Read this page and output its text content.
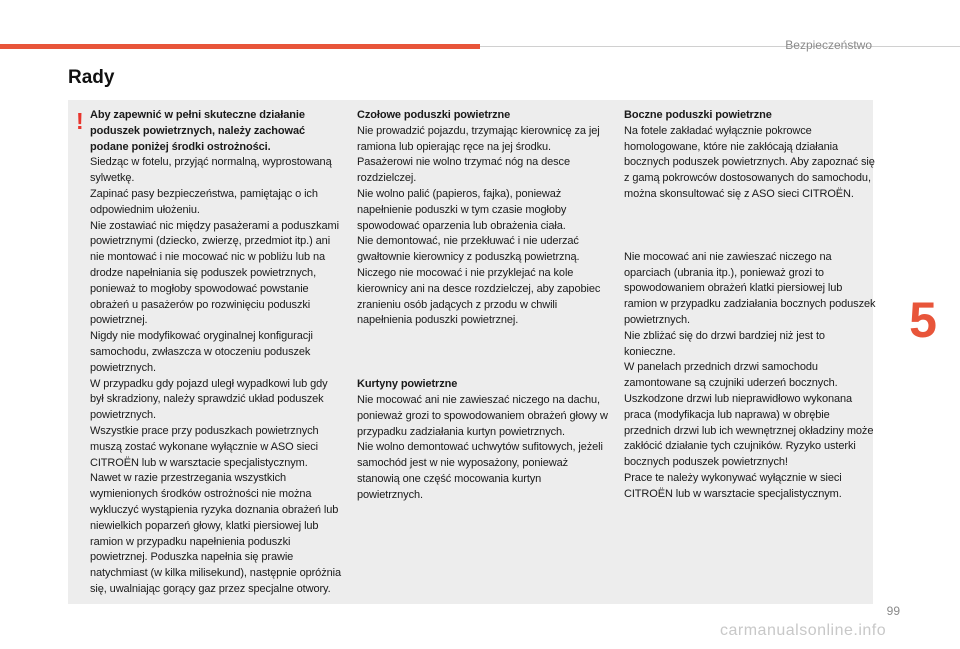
Bezpieczeństwo
Rady
! Aby zapewnić w pełni skuteczne działanie poduszek powietrznych, należy zachować podane poniżej środki ostrożności.

Siedząc w fotelu, przyjąć normalną, wyprostowaną sylwetkę.

Zapinać pasy bezpieczeństwa, pamiętając o ich odpowiednim ułożeniu.

Nie zostawiać nic między pasażerami a poduszkami powietrznymi (dziecko, zwierzę, przedmiot itp.) ani nie montować i nie mocować nic w pobliżu lub na drodze napełniania się poduszek powietrznych, ponieważ to mogłoby spowodować powstanie obrażeń u pasażerów po rozwinięciu poduszki powietrznej.

Nigdy nie modyfikować oryginalnej konfiguracji samochodu, zwłaszcza w otoczeniu poduszek powietrznych.

W przypadku gdy pojazd uległ wypadkowi lub gdy był skradziony, należy sprawdzić układ poduszek powietrznych.

Wszystkie prace przy poduszkach powietrznych muszą zostać wykonane wyłącznie w ASO sieci CITROËN lub w warsztacie specjalistycznym.

Nawet w razie przestrzegania wszystkich wymienionych środków ostrożności nie można wykluczyć wystąpienia ryzyka doznania obrażeń lub niewielkich poparzeń głowy, klatki piersiowej lub ramion w przypadku napełnienia poduszki powietrznej. Poduszka napełnia się prawie natychmiast (w kilka milisekund), następnie opróżnia się, uwalniając gorący gaz przez specjalne otwory.

Czołowe poduszki powietrzne

Nie prowadzić pojazdu, trzymając kierownicę za jej ramiona lub opierając ręce na jej środku.

Pasażerowi nie wolno trzymać nóg na desce rozdzielczej.

Nie wolno palić (papieros, fajka), ponieważ napełnienie poduszki w tym czasie mogłoby spowodować oparzenia lub obrażenia ciała.

Nie demontować, nie przekłuwać i nie uderzać gwałtownie kierownicy z poduszką powietrzną.

Niczego nie mocować i nie przyklejać na kole kierownicy ani na desce rozdzielczej, aby zapobiec zranieniu osób jadących z przodu w chwili napełnienia poduszki powietrznej.

Kurtyny powietrzne

Nie mocować ani nie zawieszać niczego na dachu, ponieważ grozi to spowodowaniem obrażeń głowy w przypadku zadziałania kurtyn powietrznych.

Nie wolno demontować uchwytów sufitowych, jeżeli samochód jest w nie wyposażony, ponieważ stanowią one część mocowania kurtyn powietrznych.

Boczne poduszki powietrzne

Na fotele zakładać wyłącznie pokrowce homologowane, które nie zakłócają działania bocznych poduszek powietrznych. Aby zapoznać się z gamą pokrowców dostosowanych do samochodu, można skonsultować się z ASO sieci CITROËN.

Nie mocować ani nie zawieszać niczego na oparciach (ubrania itp.), ponieważ grozi to spowodowaniem obrażeń klatki piersiowej lub ramion w przypadku zadziałania bocznych poduszek powietrznych.

Nie zbliżać się do drzwi bardziej niż jest to konieczne.

W panelach przednich drzwi samochodu zamontowane są czujniki uderzeń bocznych.

Uszkodzone drzwi lub nieprawidłowo wykonana praca (modyfikacja lub naprawa) w obrębie przednich drzwi lub ich wewnętrznej okładziny może zakłócić działanie tych czujników. Ryzyko usterki bocznych poduszek powietrznych!

Prace te należy wykonywać wyłącznie w sieci CITROËN lub w warsztacie specjalistycznym.

5
99
carmanualsonline.info
